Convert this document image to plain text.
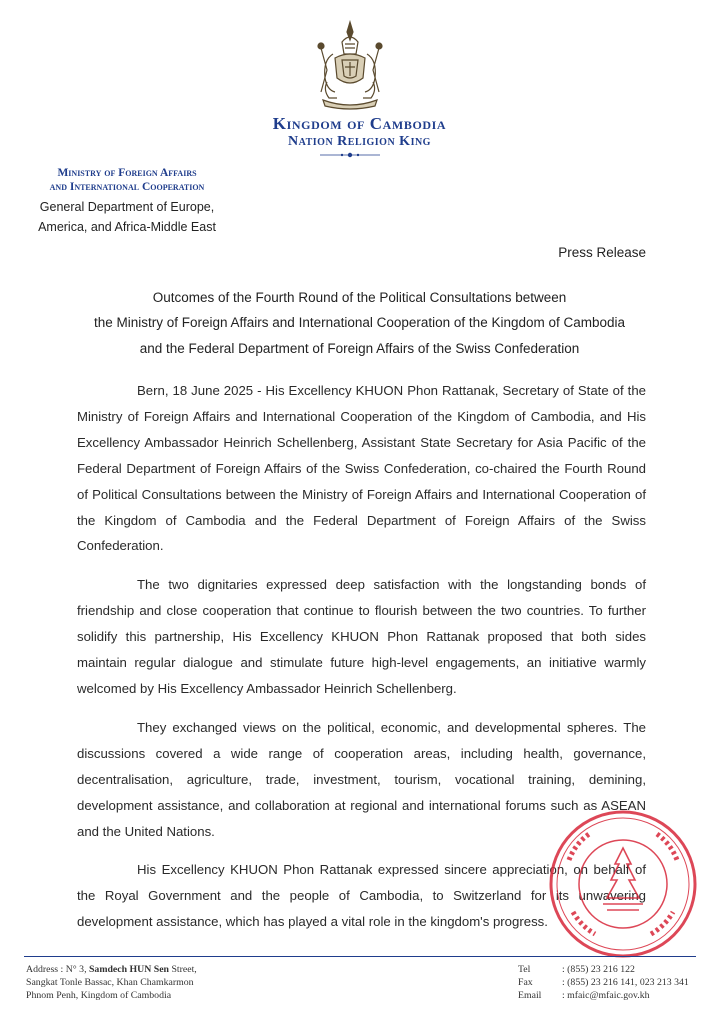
Kingdom of Cambodia
Nation Religion King
Ministry of Foreign Affairs
and International Cooperation
General Department of Europe,
America, and Africa-Middle East
Press Release
Outcomes of the Fourth Round of the Political Consultations between
the Ministry of Foreign Affairs and International Cooperation of the Kingdom of Cambodia
and the Federal Department of Foreign Affairs of the Swiss Confederation

Bern, 18 June 2025 - His Excellency KHUON Phon Rattanak, Secretary of State of the Ministry of Foreign Affairs and International Cooperation of the Kingdom of Cambodia, and His Excellency Ambassador Heinrich Schellenberg, Assistant State Secretary for Asia Pacific of the Federal Department of Foreign Affairs of the Swiss Confederation, co-chaired the Fourth Round of Political Consultations between the Ministry of Foreign Affairs and International Cooperation of the Kingdom of Cambodia and the Federal Department of Foreign Affairs of the Swiss Confederation.

The two dignitaries expressed deep satisfaction with the longstanding bonds of friendship and close cooperation that continue to flourish between the two countries. To further solidify this partnership, His Excellency KHUON Phon Rattanak proposed that both sides maintain regular dialogue and stimulate future high-level engagements, an initiative warmly welcomed by His Excellency Ambassador Heinrich Schellenberg.

They exchanged views on the political, economic, and developmental spheres. The discussions covered a wide range of cooperation areas, including health, governance, decentralisation, agriculture, trade, investment, tourism, vocational training, demining, development assistance, and collaboration at regional and international forums such as ASEAN and the United Nations.

His Excellency KHUON Phon Rattanak expressed sincere appreciation, on behalf of the Royal Government and the people of Cambodia, to Switzerland for its unwavering development assistance, which has played a vital role in the kingdom's progress.

Address : N° 3, Samdech HUN Sen Street,
Sangkat Tonle Bassac, Khan Chamkarmon
Phnom Penh, Kingdom of Cambodia
Tel	: (855) 23 216 122
Fax	: (855) 23 216 141, 023 213 341
Email	: mfaic@mfaic.gov.kh
